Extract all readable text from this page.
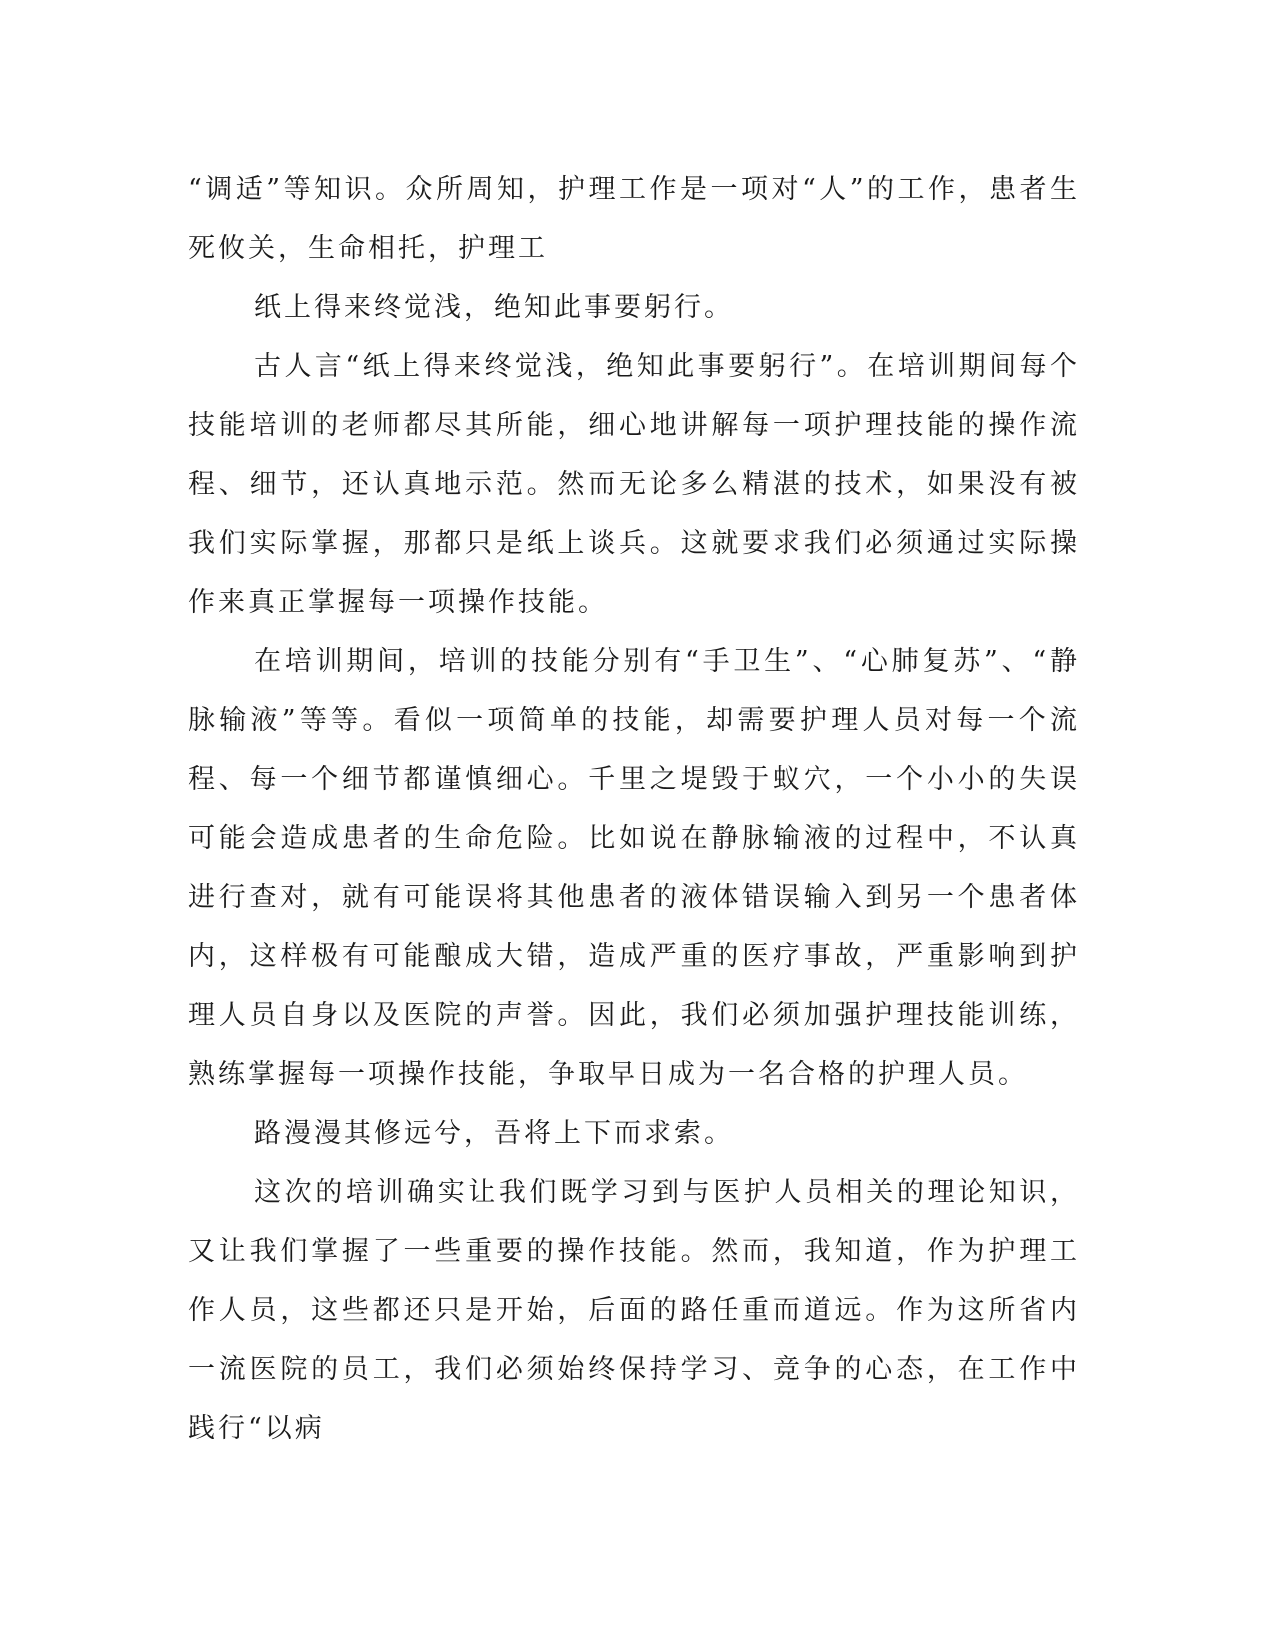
“调适”等知识。众所周知，护理工作是一项对“人”的工作，患者生死攸关，生命相托，护理工

纸上得来终觉浅，绝知此事要躬行。

古人言“纸上得来终觉浅，绝知此事要躬行”。在培训期间每个技能培训的老师都尽其所能，细心地讲解每一项护理技能的操作流程、细节，还认真地示范。然而无论多么精湛的技术，如果没有被我们实际掌握，那都只是纸上谈兵。这就要求我们必须通过实际操作来真正掌握每一项操作技能。

在培训期间，培训的技能分别有“手卫生”、“心肺复苏”、“静脉输液”等等。看似一项简单的技能，却需要护理人员对每一个流程、每一个细节都谨慎细心。千里之堤毁于蚁穴，一个小小的失误可能会造成患者的生命危险。比如说在静脉输液的过程中，不认真进行查对，就有可能误将其他患者的液体错误输入到另一个患者体内，这样极有可能酿成大错，造成严重的医疗事故，严重影响到护理人员自身以及医院的声誉。因此，我们必须加强护理技能训练，熟练掌握每一项操作技能，争取早日成为一名合格的护理人员。

路漫漫其修远兮，吾将上下而求索。

这次的培训确实让我们既学习到与医护人员相关的理论知识，又让我们掌握了一些重要的操作技能。然而，我知道，作为护理工作人员，这些都还只是开始，后面的路任重而道远。作为这所省内一流医院的员工，我们必须始终保持学习、竞争的心态，在工作中践行“以病
